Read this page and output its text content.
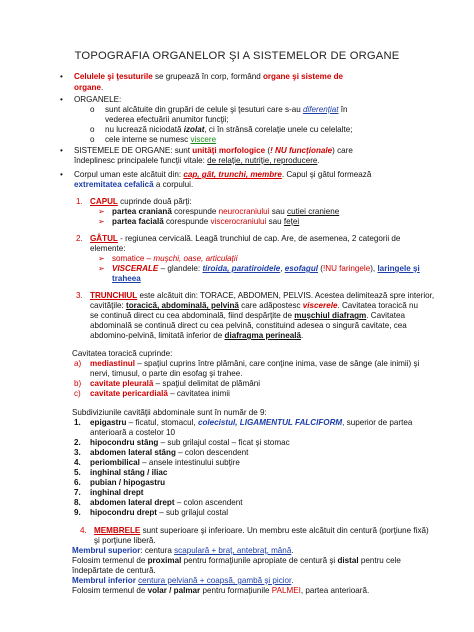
TOPOGRAFIA ORGANELOR ŞI A SISTEMELOR DE ORGANE
• Celulele şi ţesuturile se grupează în corp, formând organe şi sisteme de
organe.
• ORGANELE:
o sunt alcătuite din grupări de celule şi ţesuturi care s-au diferenţiat în
vederea efectuării anumitor funcţii;
o nu lucrează niciodată izolat, ci în strânsă corelaţie unele cu celelalte;
o cele interne se numesc viscere
• SISTEMELE DE ORGANE: sunt unităţi morfologice (! NU funcţionale) care
îndeplinesc principalele funcţii vitale: de relaţie, nutriţie, reproducere.
• Corpul uman este alcătuit din: cap, gât, trunchi, membre. Capul şi gâtul formează
extremitatea cefalică a corpului.
1. CAPUL cuprinde două părţi:
➢ partea craniană corespunde neurocraniului sau cutiei craniene
➢ partea facială corespunde viscerocraniului sau feţei
2. GÂTUL - regiunea cervicală. Leagă trunchiul de cap. Are, de asemenea, 2 categorii de
elemente:
➢ somatice – muşchi, oase, articulaţii
➢ VISCERALE – glandele: tiroida, paratiroidele, esofagul (!NU faringele), laringele şi
traheea
3. TRUNCHIUL este alcătuit din: TORACE, ABDOMEN, PELVIS. Acestea delimitează spre interior,
cavităţile: toracică, abdominală, pelvină care adăpostesc viscerele. Cavitatea toracică nu
se continuă direct cu cea abdominală, fiind despărţite de muşchiul diafragm. Cavitatea
abdominală se continuă direct cu cea pelvină, constituind adesea o singură cavitate, cea
abdomino-pelvină, limitată inferior de diafragma perineală.
Cavitatea toracică cuprinde:
a) mediastinul – spaţiul cuprins între plămâni, care conţine inima, vase de sânge (ale inimii) şi
nervi, timusul, o parte din esofag şi trahee.
b) cavitate pleurală – spaţiul delimitat de plămâni
c) cavitate pericardială – cavitatea inimii
Subdiviziunile cavităţii abdominale sunt în număr de 9:
1. epigastru – ficatul, stomacul, colecistul, LIGAMENTUL FALCIFORM, superior de partea
anterioară a costelor 10
2. hipocondru stâng – sub grilajul costal – ficat şi stomac
3. abdomen lateral stâng – colon descendent
4. periombilical – ansele intestinului subţire
5. inghinal stâng / iliac
6. pubian / hipogastru
7. inghinal drept
8. abdomen lateral drept – colon ascendent
9. hipocondru drept – sub grilajul costal
4. MEMBRELE sunt superioare şi inferioare. Un membru este alcătuit din centură (porţiune fixă)
şi porţiune liberă.
Membrul superior: centura scapulară + braţ, antebraţ, mână.
Folosim termenul de proximal pentru formaţiunile apropiate de centură şi distal pentru cele
îndepărtate de centură.
Membrul inferior centura pelviană + coapsă, gambă şi picior.
Folosim termenul de volar / palmar pentru formaţiunile PALMEI, partea anterioară.
